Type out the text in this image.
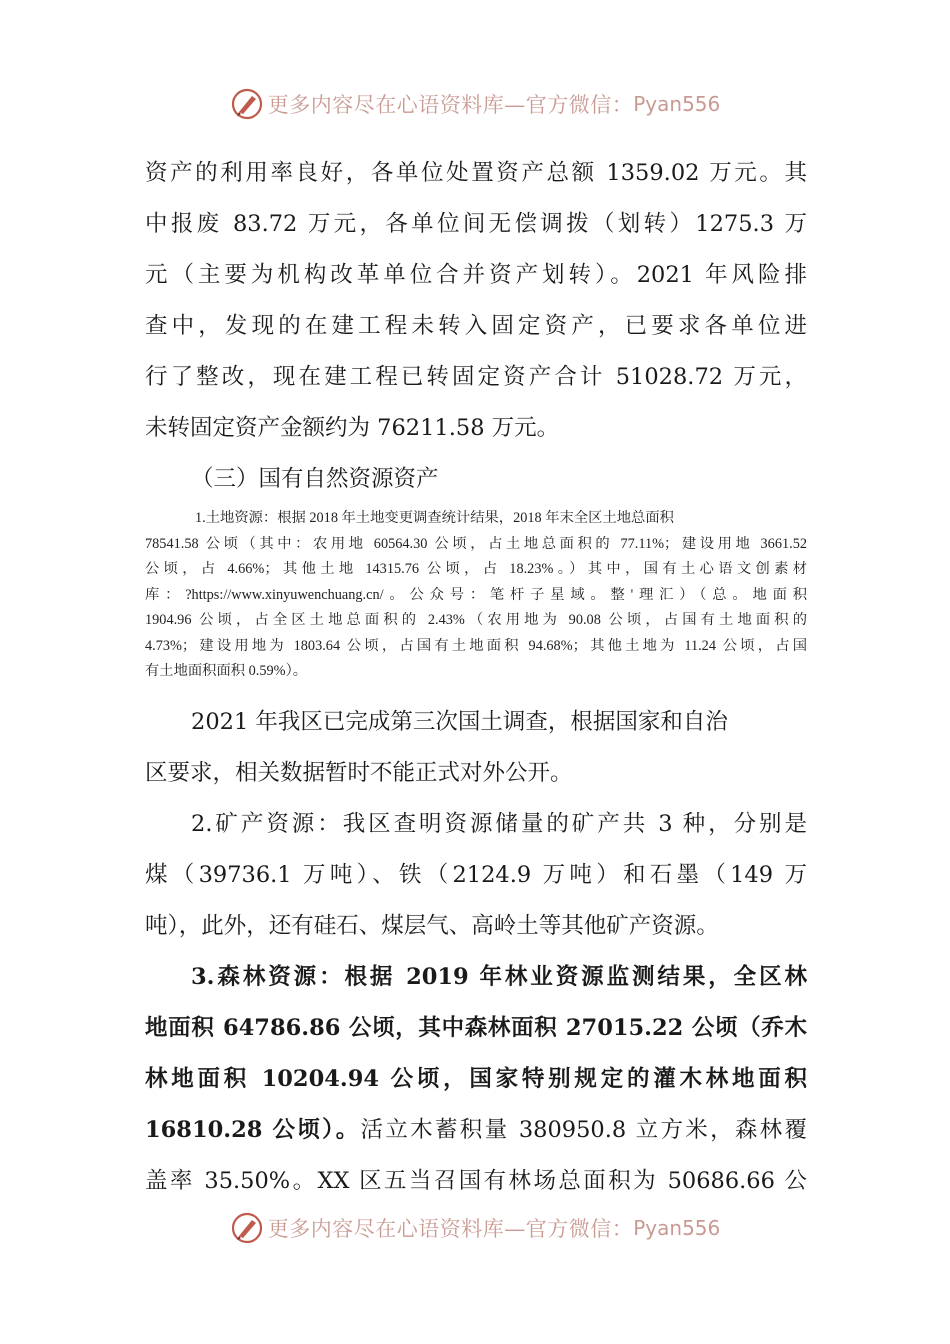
更多内容尽在心语资料库—官方微信： Pyan556
资产的利用率良好，各单位处置资产总额 1359.02 万元。其
中报废 83.72 万元，各单位间无偿调拨（划转）1275.3 万
元（主要为机构改革单位合并资产划转）。2021 年风险排
查中，发现的在建工程未转入固定资产，已要求各单位进
行了整改，现在建工程已转固定资产合计 51028.72 万元，
未转固定资产金额约为 76211.58 万元。
（三）国有自然资源资产
1.土地资源：根据 2018 年土地变更调查统计结果，2018 年末全区土地总面积
78541.58 公顷（其中：农用地 60564.30 公顷，占土地总面积的 77.11%；建设用地 3661.52
公顷，占 4.66%；其他土地 14315.76 公顷，占 18.23%。）其中，国有土心语文创素材
库：?https://www.xinyuwenchuang.cn/。公众号：笔杆子星域。整'理汇）（总。地面积
1904.96 公顷，占全区土地总面积的 2.43%（农用地为 90.08 公顷，占国有土地面积的
4.73%；建设用地为 1803.64 公顷，占国有土地面积 94.68%；其他土地为 11.24 公顷，占国
有土地面积面积 0.59%）。
2021 年我区已完成第三次国土调查，根据国家和自治
区要求，相关数据暂时不能正式对外公开。
2.矿产资源：我区查明资源储量的矿产共 3 种，分别是
煤（39736.1 万吨）、铁（2124.9 万吨）和石墨（149 万
吨），此外，还有硅石、煤层气、高岭土等其他矿产资源。
3.森林资源：根据 2019 年林业资源监测结果，全区林
地面积 64786.86 公顷，其中森林面积 27015.22 公顷（乔木
林地面积 10204.94 公顷，国家特别规定的灌木林地面积
16810.28 公顷）。活立木蓄积量 380950.8 立方米，森林覆
盖率 35.50%。XX 区五当召国有林场总面积为 50686.66 公
更多内容尽在心语资料库—官方微信： Pyan556
